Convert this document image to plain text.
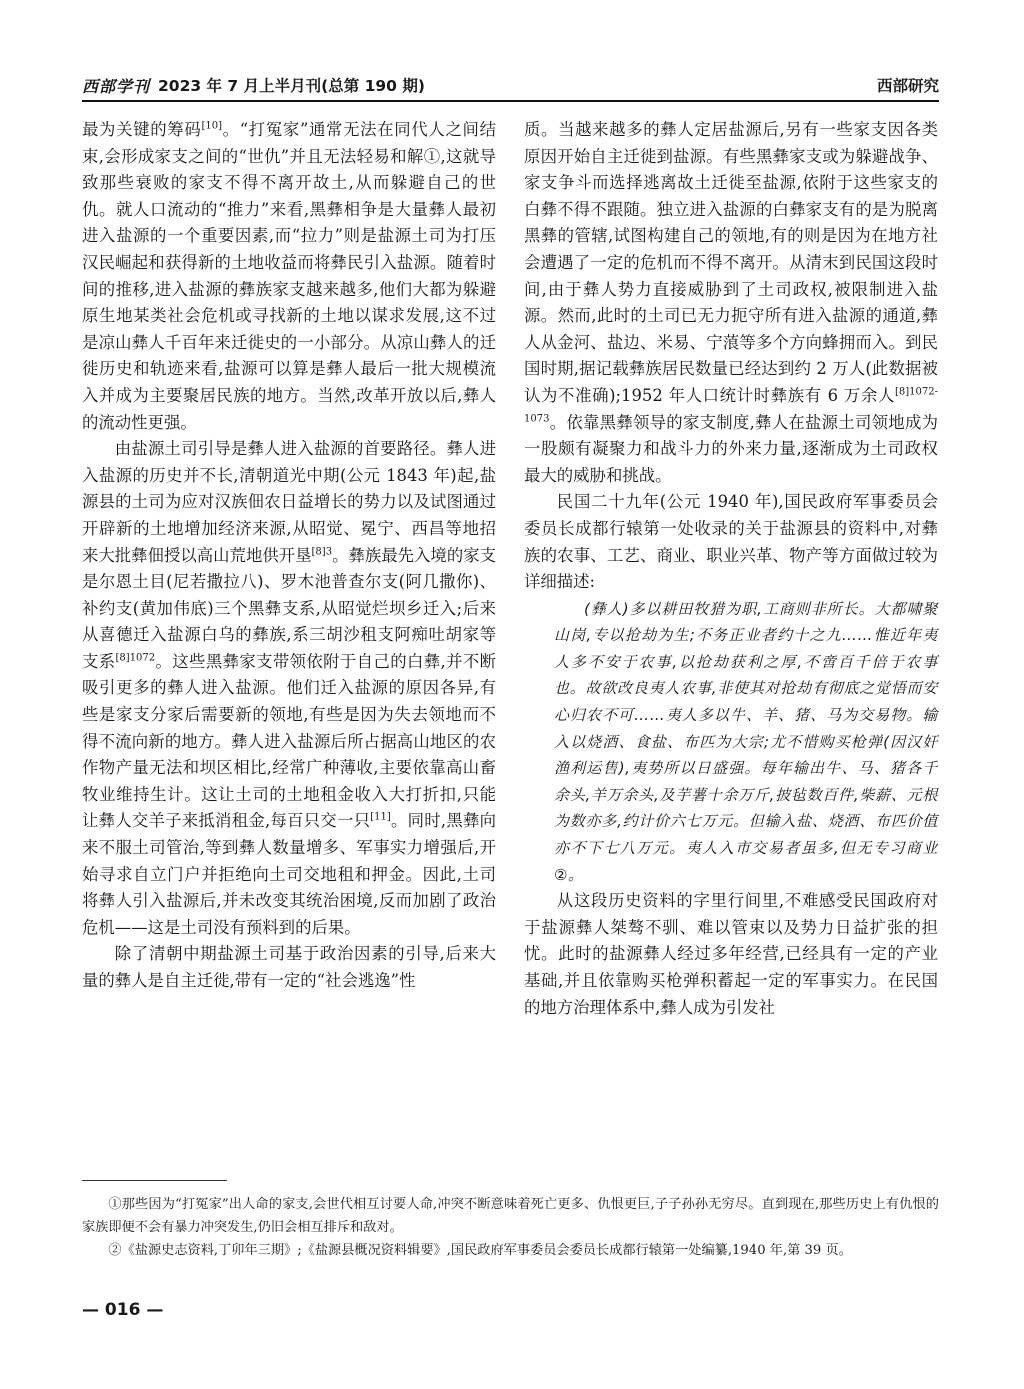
西部学刊 2023 年 7 月上半月刊(总第 190 期)	西部研究

最为关键的筹码[10]。“打冤家”通常无法在同代人之间结束,会形成家支之间的“世仇”并且无法轻易和解①,这就导致那些衰败的家支不得不离开故土,从而躲避自己的世仇。就人口流动的“推力”来看,黑彝相争是大量彝人最初进入盐源的一个重要因素,而“拉力”则是盐源土司为打压汉民崛起和获得新的土地收益而将彝民引入盐源。随着时间的推移,进入盐源的彝族家支越来越多,他们大都为躲避原生地某类社会危机或寻找新的土地以谋求发展,这不过是凉山彝人千百年来迁徙史的一小部分。从凉山彝人的迁徙历史和轨迹来看,盐源可以算是彝人最后一批大规模流入并成为主要聚居民族的地方。当然,改革开放以后,彝人的流动性更强。

由盐源土司引导是彝人进入盐源的首要路径。彝人进入盐源的历史并不长,清朝道光中期(公元 1843 年)起,盐源县的土司为应对汉族佃农日益增长的势力以及试图通过开辟新的土地增加经济来源,从昭觉、冕宁、西昌等地招来大批彝佃授以高山荒地供开垦$^{[8]3}$。彝族最先入境的家支是尔恩土目(尼若撒拉八)、罗木池普查尔支(阿几撒你)、补约支(黄加伟底)三个黑彝支系,从昭觉烂坝乡迁入;后来从喜德迁入盐源白乌的彝族,系三胡沙租支阿痴吐胡家等支系$^{[8]1072}$。这些黑彝家支带领依附于自己的白彝,并不断吸引更多的彝人进入盐源。他们迁入盐源的原因各异,有些是家支分家后需要新的领地,有些是因为失去领地而不得不流向新的地方。彝人进入盐源后所占据高山地区的农作物产量无法和坝区相比,经常广种薄收,主要依靠高山畜牧业维持生计。这让土司的土地租金收入大打折扣,只能让彝人交羊子来抵消租金,每百只交一只[11]。同时,黑彝向来不服土司管治,等到彝人数量增多、军事实力增强后,开始寻求自立门户并拒绝向土司交地租和押金。因此,土司将彝人引入盐源后,并未改变其统治困境,反而加剧了政治危机——这是土司没有预料到的后果。

除了清朝中期盐源土司基于政治因素的引导,后来大量的彝人是自主迁徙,带有一定的“社会逃逸”性

质。当越来越多的彝人定居盐源后,另有一些家支因各类原因开始自主迁徙到盐源。有些黑彝家支或为躲避战争、家支争斗而选择逃离故土迁徙至盐源,依附于这些家支的白彝不得不跟随。独立进入盐源的白彝家支有的是为脱离黑彝的管辖,试图构建自己的领地,有的则是因为在地方社会遭遇了一定的危机而不得不离开。从清末到民国这段时间,由于彝人势力直接威胁到了土司政权,被限制进入盐源。然而,此时的土司已无力扼守所有进入盐源的通道,彝人从金河、盐边、米易、宁蒗等多个方向蜂拥而入。到民国时期,据记载彝族居民数量已经达到约 2 万人(此数据被认为不准确);1952 年人口统计时彝族有 6 万余人$^{[8]1072-1073}$。依靠黑彝领导的家支制度,彝人在盐源土司领地成为一股颇有凝聚力和战斗力的外来力量,逐渐成为土司政权最大的威胁和挑战。

民国二十九年(公元 1940 年),国民政府军事委员会委员长成都行辕第一处收录的关于盐源县的资料中,对彝族的农事、工艺、商业、职业兴革、物产等方面做过较为详细描述:

(彝人)多以耕田牧猎为职,工商则非所长。大都啸聚山岗,专以抢劫为生;不务正业者约十之九……惟近年夷人多不安于农事,以抢劫获利之厚,不啻百千倍于农事也。故欲改良夷人农事,非使其对抢劫有彻底之觉悟而安心归农不可……夷人多以牛、羊、猪、马为交易物。输入以烧酒、食盐、布匹为大宗;尤不惜购买枪弹(因汉奸渔利运售),夷势所以日盛强。每年输出牛、马、猪各千余头,羊万余头,及芋薯十余万斤,披毡数百件,柴薪、元根为数亦多,约计价六七万元。但输入盐、烧酒、布匹价值亦不下七八万元。夷人入市交易者虽多,但无专习商业②。

从这段历史资料的字里行间里,不难感受民国政府对于盐源彝人桀骜不驯、难以管束以及势力日益扩张的担忧。此时的盐源彝人经过多年经营,已经具有一定的产业基础,并且依靠购买枪弹积蓄起一定的军事实力。在民国的地方治理体系中,彝人成为引发社

①那些因为“打冤家”出人命的家支,会世代相互讨要人命,冲突不断意味着死亡更多、仇恨更巨,子子孙孙无穷尽。直到现在,那些历史上有仇恨的家族即便不会有暴力冲突发生,仍旧会相互排斥和敌对。

②《盐源史志资料,丁卯年三期》;《盐源县概况资料辑要》,国民政府军事委员会委员长成都行辕第一处编纂,1940 年,第 39 页。

— 016 —
